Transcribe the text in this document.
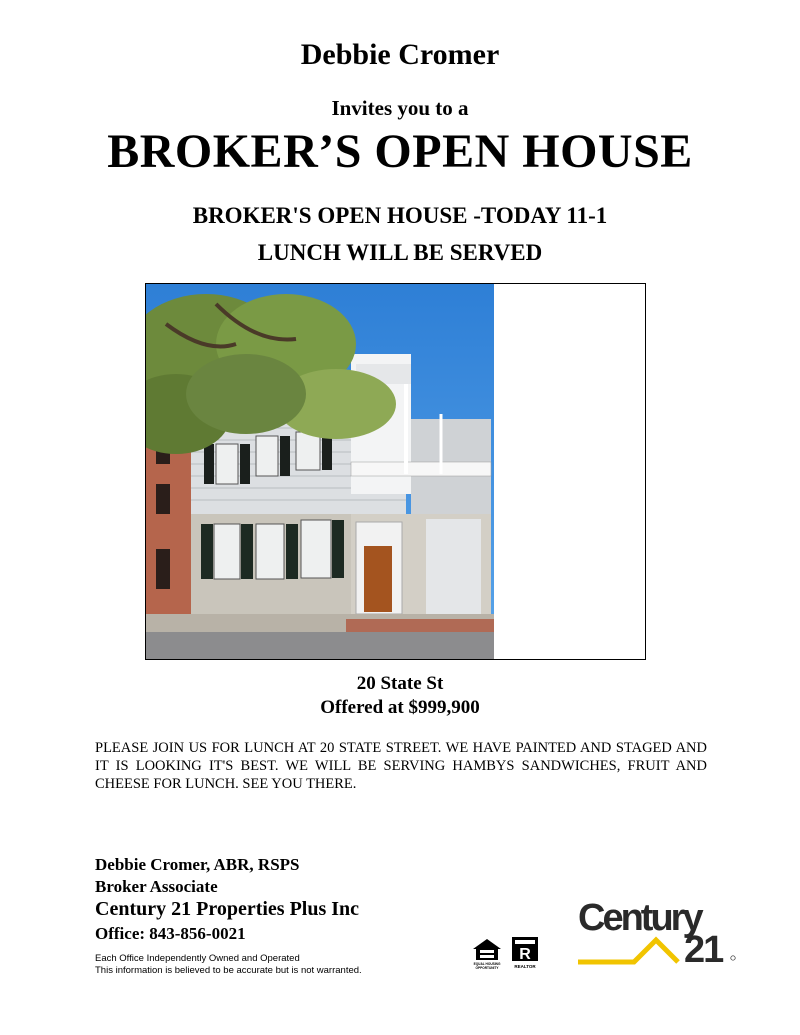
Debbie Cromer
Invites you to a
BROKER’S OPEN HOUSE
BROKER'S OPEN HOUSE -TODAY 11-1
LUNCH WILL BE SERVED
20 State St
Offered at $999,900
PLEASE JOIN US FOR LUNCH AT 20 STATE STREET. WE HAVE PAINTED AND STAGED AND IT IS LOOKING IT'S BEST. WE WILL BE SERVING HAMBYS SANDWICHES, FRUIT AND CHEESE FOR LUNCH. SEE YOU THERE.
Debbie Cromer, ABR, RSPS
Broker Associate
Century 21 Properties Plus Inc
Office: 843-856-0021
Each Office Independently Owned and Operated
This information is believed to be accurate but is not warranted.
EQUAL HOUSING
OPPORTUNITY
R
REALTOR
Century
21
